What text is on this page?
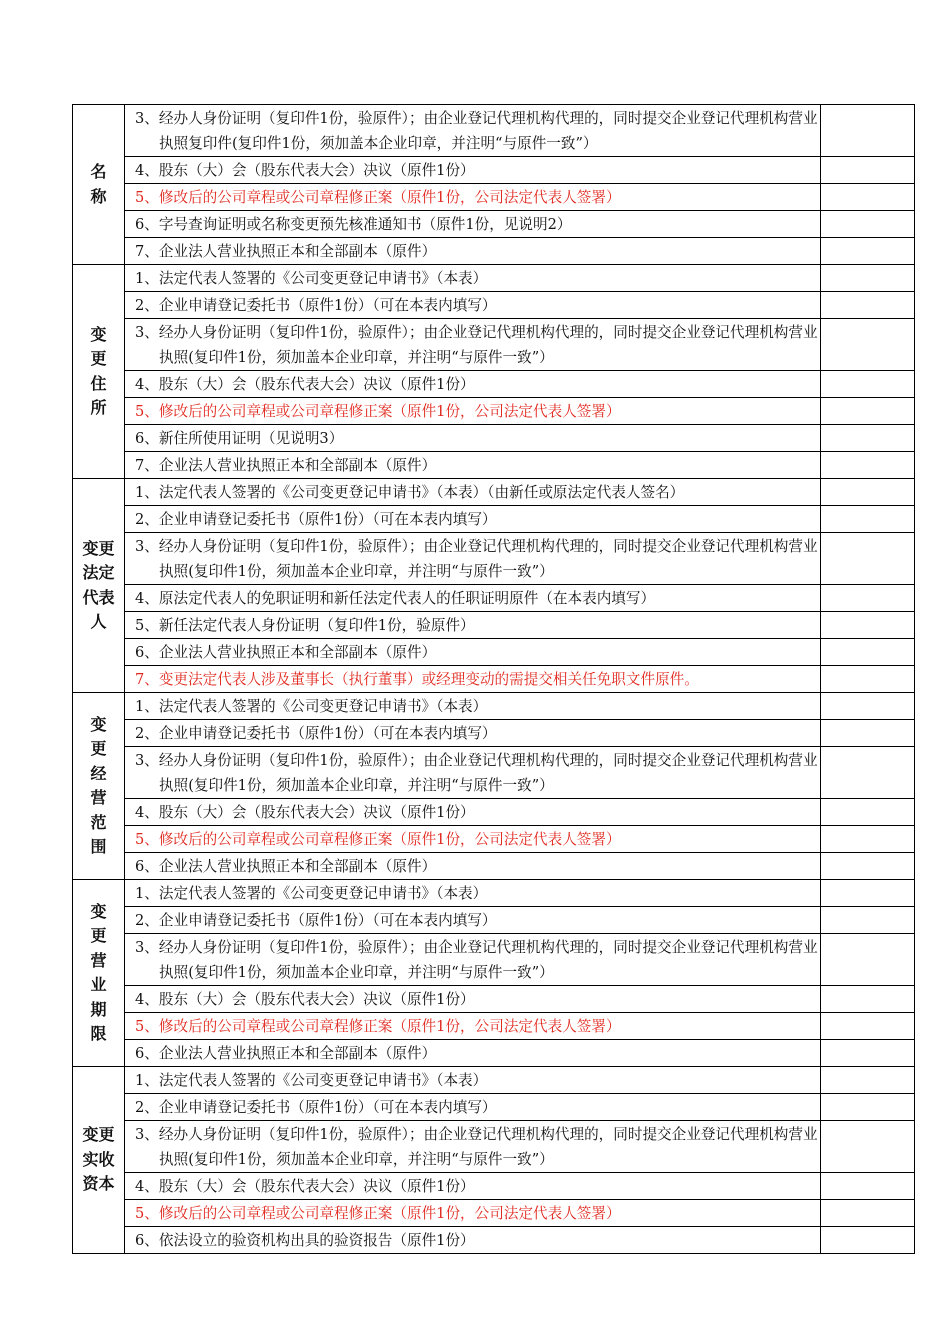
名称	3、经办人身份证明（复印件1份，验原件）；由企业登记代理机构代理的，同时提交企业登记代理机构营业执照复印件(复印件1份，须加盖本企业印章，并注明“与原件一致”）	

	4、股东（大）会（股东代表大会）决议（原件1份）	

	5、修改后的公司章程或公司章程修正案（原件1份，公司法定代表人签署）	

	6、字号查询证明或名称变更预先核准通知书（原件1份，见说明2）	

	7、企业法人营业执照正本和全部副本（原件）	

变更住所	1、法定代表人签署的《公司变更登记申请书》（本表）	

	2、企业申请登记委托书（原件1份）（可在本表内填写）	

	3、经办人身份证明（复印件1份，验原件）；由企业登记代理机构代理的，同时提交企业登记代理机构营业执照(复印件1份，须加盖本企业印章，并注明“与原件一致”）	

	4、股东（大）会（股东代表大会）决议（原件1份）	

	5、修改后的公司章程或公司章程修正案（原件1份，公司法定代表人签署）	

	6、新住所使用证明（见说明3）	

	7、企业法人营业执照正本和全部副本（原件）	

变更法定代表人	1、法定代表人签署的《公司变更登记申请书》（本表）（由新任或原法定代表人签名）	

	2、企业申请登记委托书（原件1份）（可在本表内填写）	

	3、经办人身份证明（复印件1份，验原件）；由企业登记代理机构代理的，同时提交企业登记代理机构营业执照(复印件1份，须加盖本企业印章，并注明“与原件一致”）	

	4、原法定代表人的免职证明和新任法定代表人的任职证明原件（在本表内填写）	

	5、新任法定代表人身份证明（复印件1份，验原件）	

	6、企业法人营业执照正本和全部副本（原件）	

	7、变更法定代表人涉及董事长（执行董事）或经理变动的需提交相关任免职文件原件。	

变更经营范围	1、法定代表人签署的《公司变更登记申请书》（本表）	

	2、企业申请登记委托书（原件1份）（可在本表内填写）	

	3、经办人身份证明（复印件1份，验原件）；由企业登记代理机构代理的，同时提交企业登记代理机构营业执照(复印件1份，须加盖本企业印章，并注明“与原件一致”）	

	4、股东（大）会（股东代表大会）决议（原件1份）	

	5、修改后的公司章程或公司章程修正案（原件1份，公司法定代表人签署）	

	6、企业法人营业执照正本和全部副本（原件）	

变更营业期限	1、法定代表人签署的《公司变更登记申请书》（本表）	

	2、企业申请登记委托书（原件1份）（可在本表内填写）	

	3、经办人身份证明（复印件1份，验原件）；由企业登记代理机构代理的，同时提交企业登记代理机构营业执照(复印件1份，须加盖本企业印章，并注明“与原件一致”）	

	4、股东（大）会（股东代表大会）决议（原件1份）	

	5、修改后的公司章程或公司章程修正案（原件1份，公司法定代表人签署）	

	6、企业法人营业执照正本和全部副本（原件）	

变更实收资本	1、法定代表人签署的《公司变更登记申请书》（本表）	

	2、企业申请登记委托书（原件1份）（可在本表内填写）	

	3、经办人身份证明（复印件1份，验原件）；由企业登记代理机构代理的，同时提交企业登记代理机构营业执照(复印件1份，须加盖本企业印章，并注明“与原件一致”）	

	4、股东（大）会（股东代表大会）决议（原件1份）	

	5、修改后的公司章程或公司章程修正案（原件1份，公司法定代表人签署）	

	6、依法设立的验资机构出具的验资报告（原件1份）	
